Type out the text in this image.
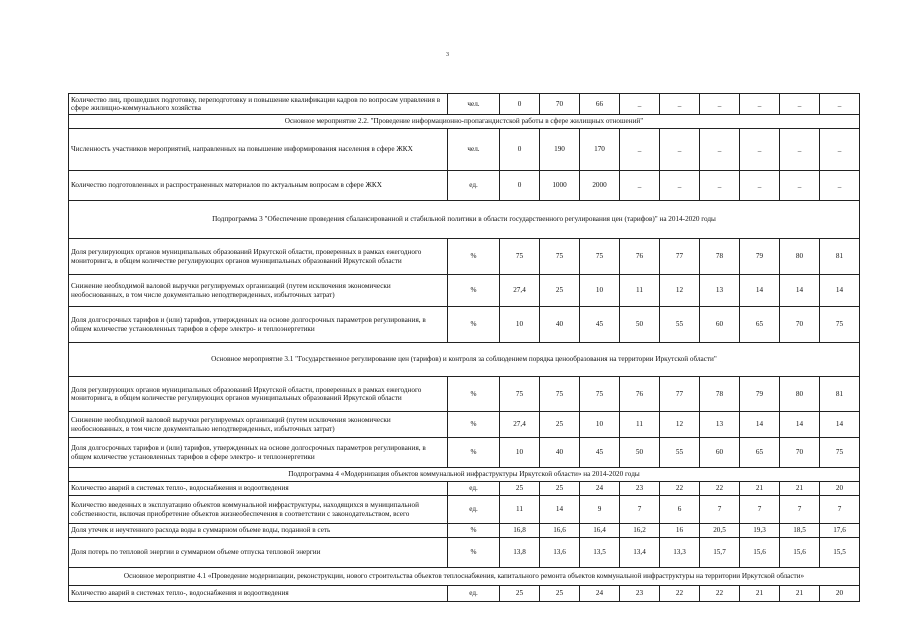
3
Количество лиц, прошедших подготовку, переподготовку и повышение квалификации кадров по вопросам управления в сфере жилищно-коммунального хозяйства	чел.	0	70	66	_	_	_	_	_	_
Основное мероприятие 2.2. "Проведение информационно-пропагандистской работы в сфере жилищных отношений"										
Численность участников мероприятий, направленных на повышение информирования населения в сфере ЖКХ	чел.	0	190	170	_	_	_	_	_	_
Количество подготовленных и распространенных материалов по актуальным вопросам в сфере ЖКХ	ед.	0	1000	2000	_	_	_	_	_	_
Подпрограмма 3 "Обеспечение проведения сбалансированной и стабильной политики в области государственного регулирования цен (тарифов)" на 2014-2020 годы										
Доля регулирующих органов муниципальных образований Иркутской области, проверенных в рамках ежегодного мониторинга, в общем количестве регулирующих органов муниципальных образований Иркутской области	%	75	75	75	76	77	78	79	80	81
Снижение необходимой валовой выручки регулируемых организаций (путем исключения экономически необоснованных, в том числе документально неподтвержденных, избыточных затрат)	%	27,4	25	10	11	12	13	14	14	14
Доля долгосрочных тарифов и (или) тарифов, утвержденных на основе долгосрочных параметров регулирования, в общем количестве установленных тарифов в сфере электро- и теплоэнергетики	%	10	40	45	50	55	60	65	70	75
Основное мероприятие 3.1 "Государственное регулирование цен (тарифов) и контроля за соблюдением порядка ценообразования на территории Иркутской области"										
Доля регулирующих органов муниципальных образований Иркутской области, проверенных в рамках ежегодного мониторинга, в общем количестве регулирующих органов муниципальных образований Иркутской области	%	75	75	75	76	77	78	79	80	81
Снижение необходимой валовой выручки регулируемых организаций (путем исключения экономически необоснованных, в том числе документально неподтвержденных, избыточных затрат)	%	27,4	25	10	11	12	13	14	14	14
Доля долгосрочных тарифов и (или) тарифов, утвержденных на основе долгосрочных параметров регулирования, в общем количестве установленных тарифов в сфере электро- и теплоэнергетики	%	10	40	45	50	55	60	65	70	75
Подпрограмма 4 «Модернизация объектов коммунальной инфраструктуры Иркутской области» на 2014-2020 годы										
Количество аварий в системах тепло-, водоснабжения и водоотведения	ед.	25	25	24	23	22	22	21	21	20
Количество введенных в эксплуатацию объектов коммунальной инфраструктуры, находящихся в муниципальной собственности, включая приобретение объектов жизнеобеспечения в соответствии с законодательством, всего	ед.	11	14	9	7	6	7	7	7	7
Доля утечек и неучтенного расхода воды в суммарном объеме воды, поданной в сеть	%	16,8	16,6	16,4	16,2	16	20,5	19,3	18,5	17,6
Доля потерь по тепловой энергии в суммарном объеме отпуска тепловой энергии	%	13,8	13,6	13,5	13,4	13,3	15,7	15,6	15,6	15,5
Основное мероприятие 4.1 «Проведение модернизации, реконструкции, нового строительства объектов теплоснабжения, капитального ремонта объектов коммунальной инфраструктуры на территории Иркутской области»										
Количество аварий в системах тепло-, водоснабжения и водоотведения	ед.	25	25	24	23	22	22	21	21	20
